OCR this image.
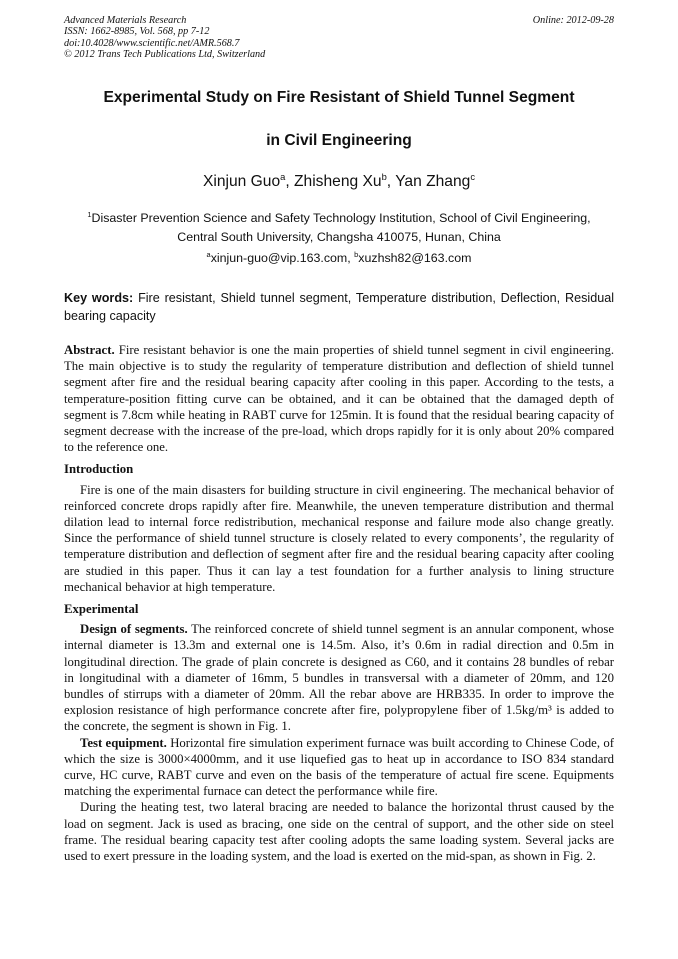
Advanced Materials Research
ISSN: 1662-8985, Vol. 568, pp 7-12
doi:10.4028/www.scientific.net/AMR.568.7
© 2012 Trans Tech Publications Ltd, Switzerland
Online: 2012-09-28
Experimental Study on Fire Resistant of Shield Tunnel Segment
in Civil Engineering
Xinjun Guo$^a$, Zhisheng Xu$^b$, Yan Zhang$^c$
$^1$Disaster Prevention Science and Safety Technology Institution, School of Civil Engineering,
Central South University, Changsha 410075, Hunan, China
$^a$xinjun-guo@vip.163.com, $^b$xuzhsh82@163.com
Key words: Fire resistant, Shield tunnel segment, Temperature distribution, Deflection, Residual bearing capacity

Abstract. Fire resistant behavior is one the main properties of shield tunnel segment in civil engineering. The main objective is to study the regularity of temperature distribution and deflection of shield tunnel segment after fire and the residual bearing capacity after cooling in this paper. According to the tests, a temperature-position fitting curve can be obtained, and it can be obtained that the damaged depth of segment is 7.8cm while heating in RABT curve for 125min. It is found that the residual bearing capacity of segment decrease with the increase of the pre-load, which drops rapidly for it is only about 20% compared to the reference one.

Introduction

Fire is one of the main disasters for building structure in civil engineering. The mechanical behavior of reinforced concrete drops rapidly after fire. Meanwhile, the uneven temperature distribution and thermal dilation lead to internal force redistribution, mechanical response and failure mode also change greatly. Since the performance of shield tunnel structure is closely related to every components’, the regularity of temperature distribution and deflection of segment after fire and the residual bearing capacity after cooling are studied in this paper. Thus it can lay a test foundation for a further analysis to lining structure mechanical behavior at high temperature.

Experimental

Design of segments. The reinforced concrete of shield tunnel segment is an annular component, whose internal diameter is 13.3m and external one is 14.5m. Also, it’s 0.6m in radial direction and 0.5m in longitudinal direction. The grade of plain concrete is designed as C60, and it contains 28 bundles of rebar in longitudinal with a diameter of 16mm, 5 bundles in transversal with a diameter of 20mm, and 120 bundles of stirrups with a diameter of 20mm. All the rebar above are HRB335. In order to improve the explosion resistance of high performance concrete after fire, polypropylene fiber of 1.5kg/m³ is added to the concrete, the segment is shown in Fig. 1.

Test equipment. Horizontal fire simulation experiment furnace was built according to Chinese Code, of which the size is 3000×4000mm, and it use liquefied gas to heat up in accordance to ISO 834 standard curve, HC curve, RABT curve and even on the basis of the temperature of actual fire scene. Equipments matching the experimental furnace can detect the performance while fire.

During the heating test, two lateral bracing are needed to balance the horizontal thrust caused by the load on segment. Jack is used as bracing, one side on the central of support, and the other side on steel frame. The residual bearing capacity test after cooling adopts the same loading system. Several jacks are used to exert pressure in the loading system, and the load is exerted on the mid-span, as shown in Fig. 2.
